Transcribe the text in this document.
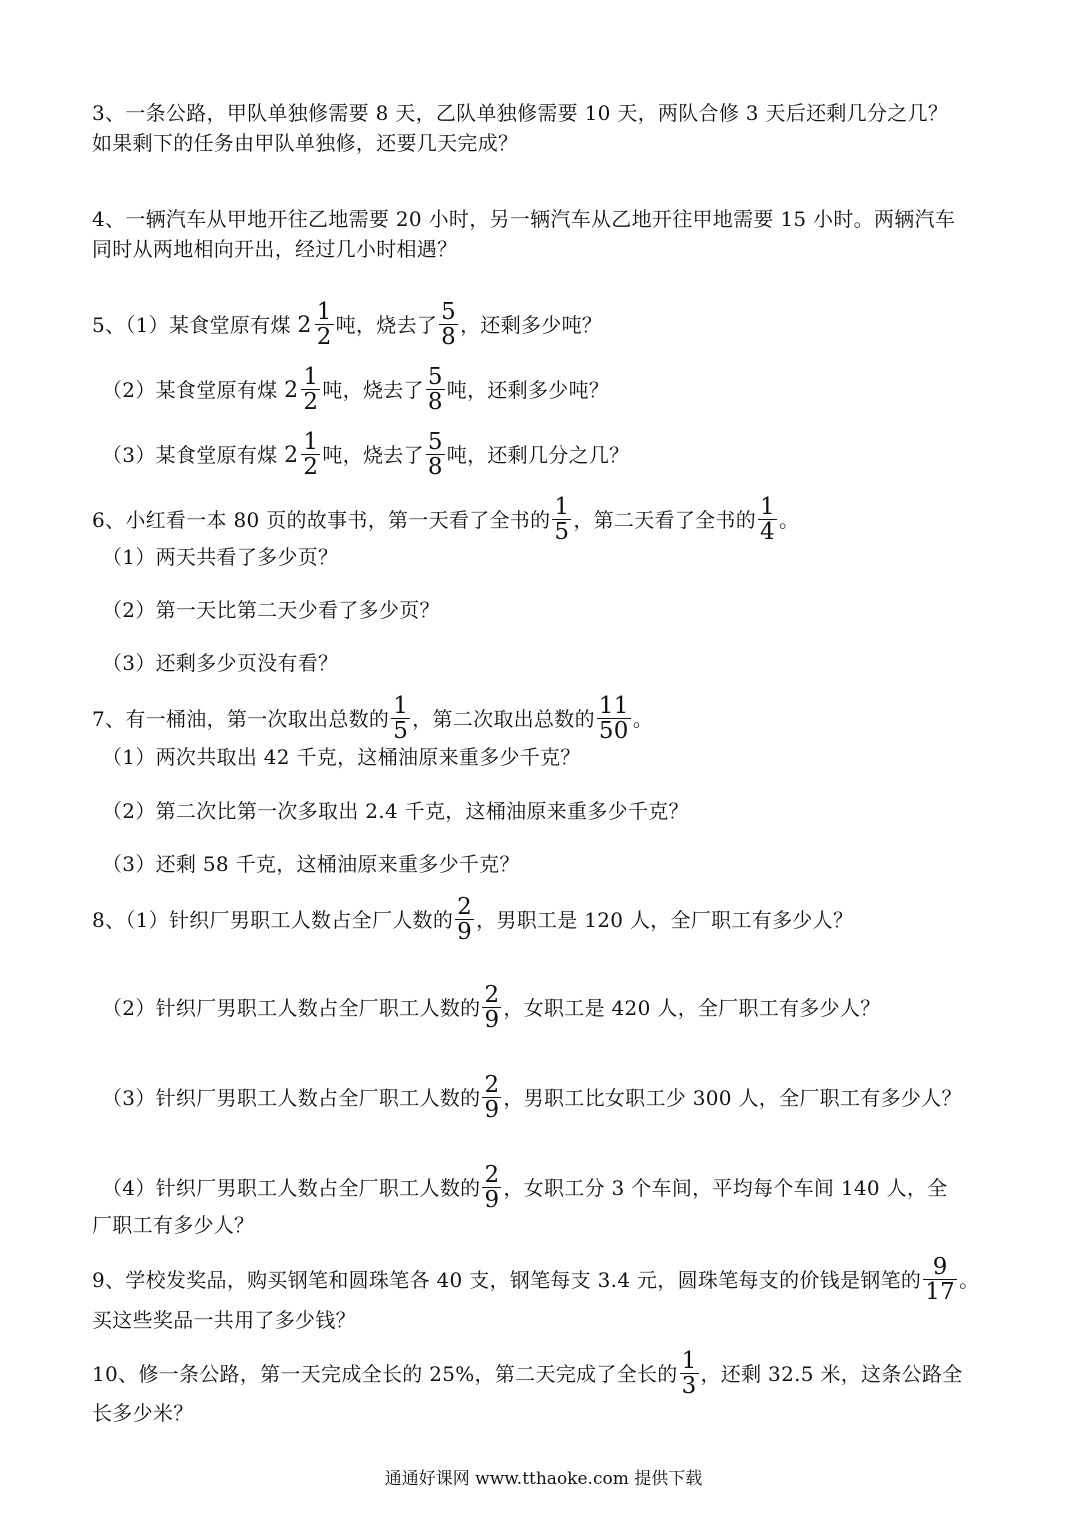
3、一条公路，甲队单独修需要 8 天，乙队单独修需要 10 天，两队合修 3 天后还剩几分之几？
如果剩下的任务由甲队单独修，还要几天完成？
4、一辆汽车从甲地开往乙地需要 20 小时，另一辆汽车从乙地开往甲地需要 15 小时。两辆汽车
同时从两地相向开出，经过几小时相遇？
5、（1）某食堂原有煤 $2 \frac{1}{2}$ 吨，烧去了 $\frac{5}{8}$ ，还剩多少吨？
（2）某食堂原有煤 $2 \frac{1}{2}$ 吨，烧去了 $\frac{5}{8}$ 吨，还剩多少吨？
（3）某食堂原有煤 $2 \frac{1}{2}$ 吨，烧去了 $\frac{5}{8}$ 吨，还剩几分之几？
6、小红看一本 80 页的故事书，第一天看了全书的 $\frac{1}{5}$ ，第二天看了全书的 $\frac{1}{4}$ 。
（1）两天共看了多少页？
（2）第一天比第二天少看了多少页？
（3）还剩多少页没有看？
7、有一桶油，第一次取出总数的 $\frac{1}{5}$ ，第二次取出总数的 $\frac{11}{50}$ 。
（1）两次共取出 42 千克，这桶油原来重多少千克？
（2）第二次比第一次多取出 2.4 千克，这桶油原来重多少千克？
（3）还剩 58 千克，这桶油原来重多少千克？
8、（1）针织厂男职工人数占全厂人数的 $\frac{2}{9}$ ，男职工是 120 人，全厂职工有多少人？
（2）针织厂男职工人数占全厂职工人数的 $\frac{2}{9}$ ，女职工是 420 人，全厂职工有多少人？
（3）针织厂男职工人数占全厂职工人数的 $\frac{2}{9}$ ，男职工比女职工少 300 人，全厂职工有多少人？
（4）针织厂男职工人数占全厂职工人数的 $\frac{2}{9}$ ，女职工分 3 个车间，平均每个车间 140 人，全
厂职工有多少人？
9、学校发奖品，购买钢笔和圆珠笔各 40 支，钢笔每支 3.4 元，圆珠笔每支的价钱是钢笔的 $\frac{9}{17}$ 。
买这些奖品一共用了多少钱？
10、修一条公路，第一天完成全长的 25%，第二天完成了全长的 $\frac{1}{3}$ ，还剩 32.5 米，这条公路全
长多少米？
通通好课网 www.tthaoke.com 提供下载
